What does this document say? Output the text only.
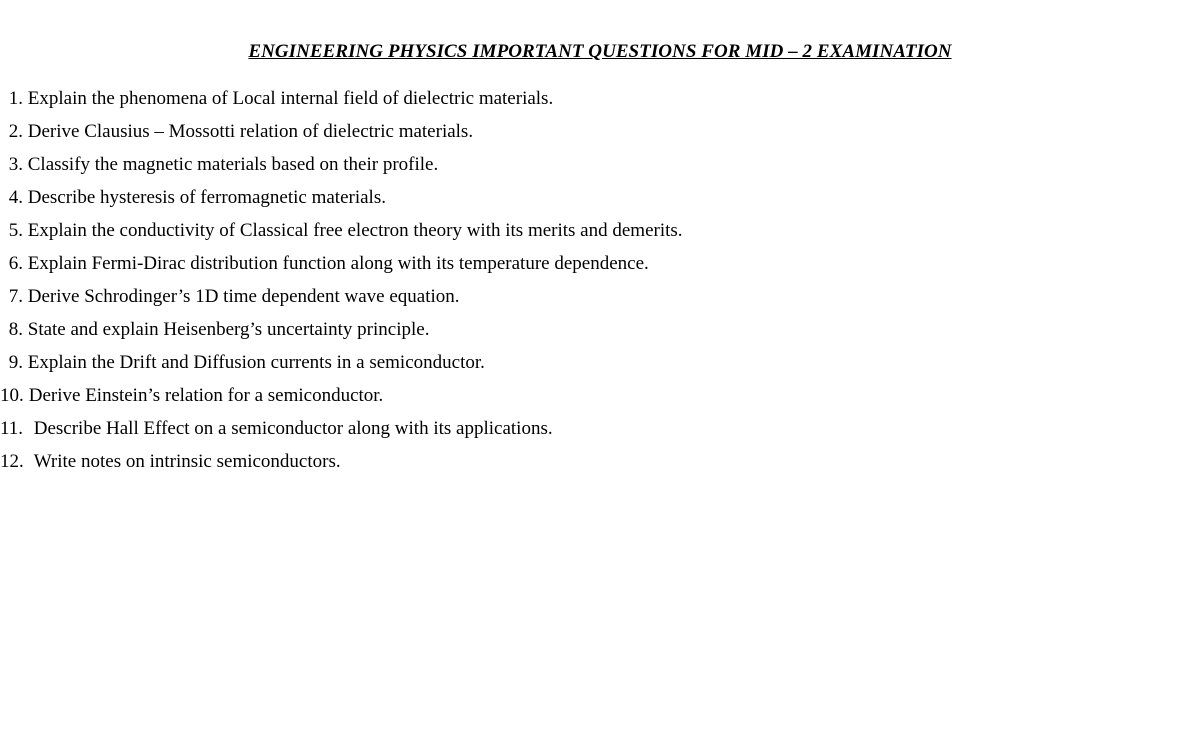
ENGINEERING PHYSICS IMPORTANT QUESTIONS FOR MID – 2 EXAMINATION
1. Explain the phenomena of Local internal field of dielectric materials.
2. Derive Clausius – Mossotti relation of dielectric materials.
3. Classify the magnetic materials based on their profile.
4. Describe hysteresis of ferromagnetic materials.
5. Explain the conductivity of Classical free electron theory with its merits and demerits.
6. Explain Fermi-Dirac distribution function along with its temperature dependence.
7. Derive Schrodinger’s 1D time dependent wave equation.
8. State and explain Heisenberg’s uncertainty principle.
9. Explain the Drift and Diffusion currents in a semiconductor.
10. Derive Einstein’s relation for a semiconductor.
11. Describe Hall Effect on a semiconductor along with its applications.
12. Write notes on intrinsic semiconductors.
